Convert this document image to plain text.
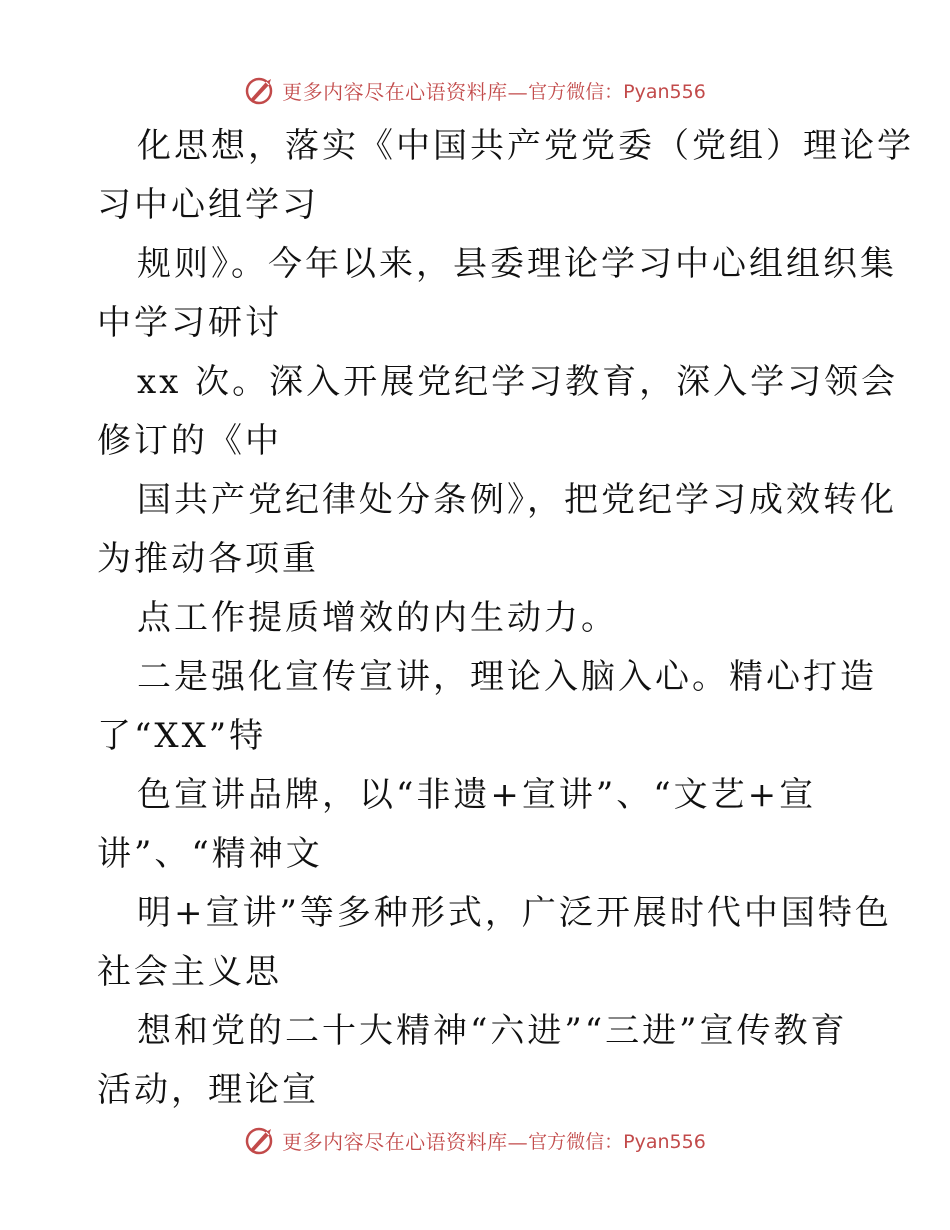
更多内容尽在心语资料库— 官方微信：Pyan556
化思想，落实《中国共产党党委（党组）理论学
习中心组学习
规则》。今年以来，县委理论学习中心组组织集
中学习研讨
xx 次。深入开展党纪学习教育，深入学习领会
修订的《中
国共产党纪律处分条例》，把党纪学习成效转化
为推动各项重
点工作提质增效的内生动力。
二是强化宣传宣讲，理论入脑入心。精心打造
了“XX”特
色宣讲品牌，以“非遗+宣讲”、“文艺+宣
讲”、“精神文
明+宣讲”等多种形式，广泛开展时代中国特色
社会主义思
想和党的二十大精神“六进”“三进”宣传教育
活动，理论宣
更多内容尽在心语资料库— 官方微信：Pyan556
